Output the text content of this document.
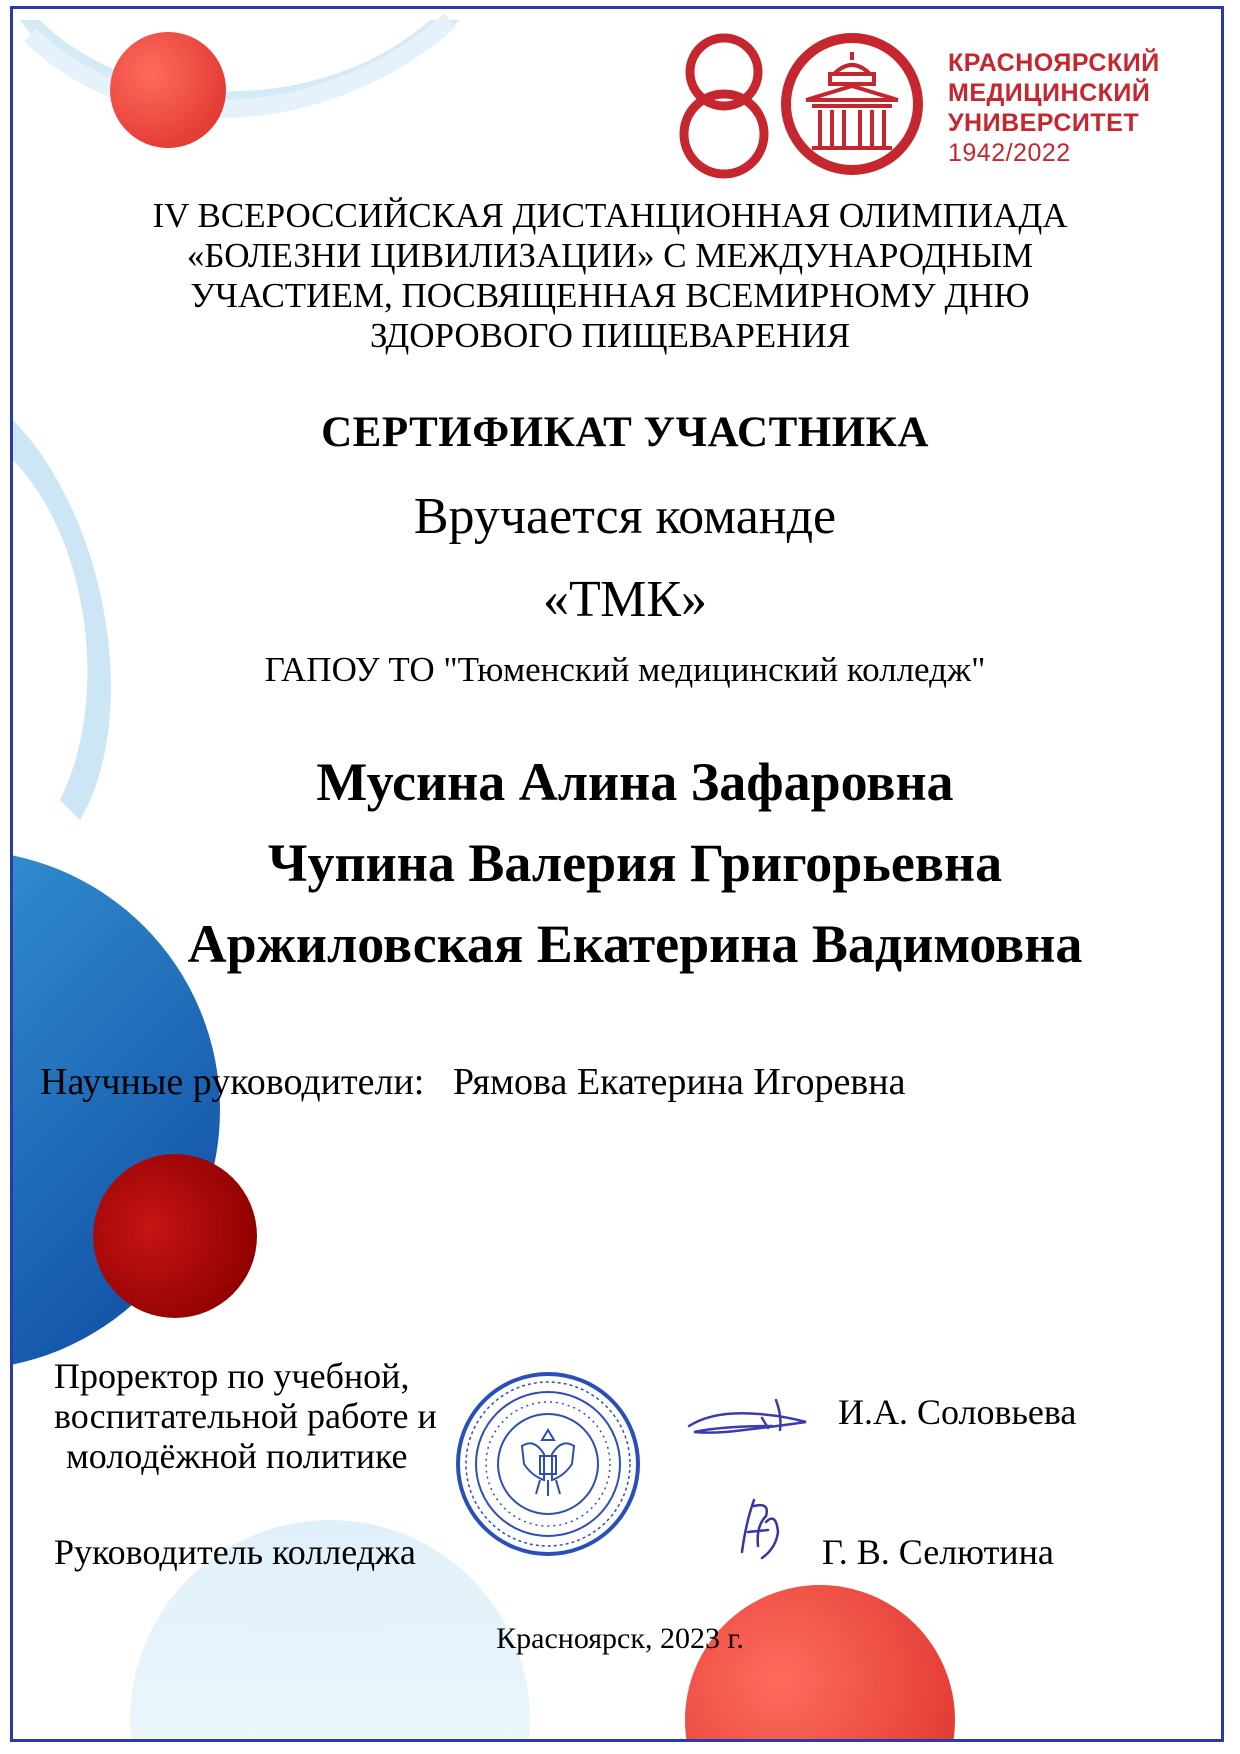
КРАСНОЯРСКИЙ
МЕДИЦИНСКИЙ
УНИВЕРСИТЕТ
1942/2022
IV ВСЕРОССИЙСКАЯ ДИСТАНЦИОННАЯ ОЛИМПИАДА
«БОЛЕЗНИ ЦИВИЛИЗАЦИИ» С МЕЖДУНАРОДНЫМ
УЧАСТИЕМ, ПОСВЯЩЕННАЯ ВСЕМИРНОМУ ДНЮ
ЗДОРОВОГО ПИЩЕВАРЕНИЯ
СЕРТИФИКАТ УЧАСТНИКА
Вручается команде
«ТМК»
ГАПОУ ТО "Тюменский медицинский колледж"
Мусина Алина Зафаровна
Чупина Валерия Григорьевна
Аржиловская Екатерина Вадимовна
Научные руководители: Рямова Екатерина Игоревна
Проректор по учебной,
воспитательной работе и
молодёжной политике
И.А. Соловьева
Руководитель колледжа	Г. В. Селютина
Красноярск, 2023 г.
